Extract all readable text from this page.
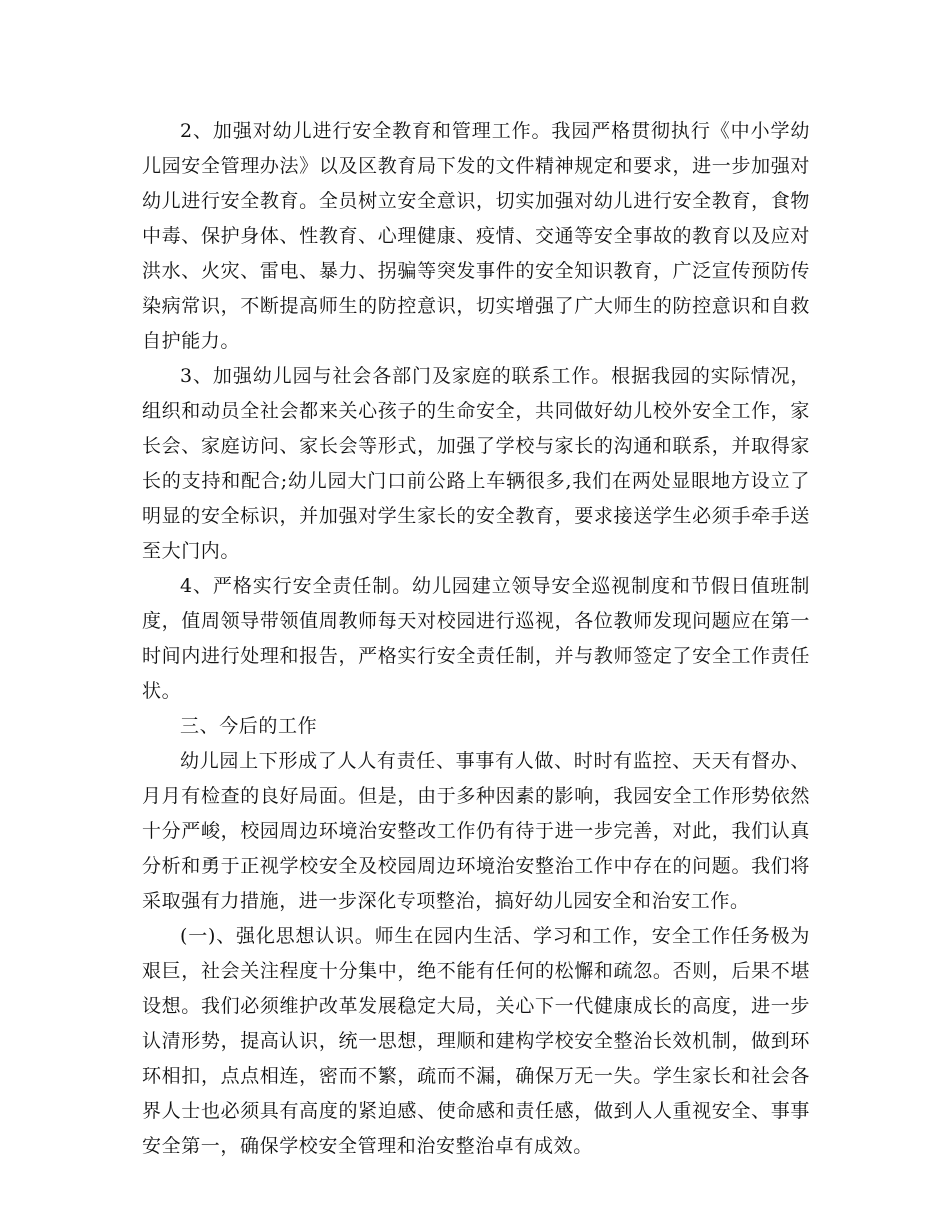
2、加强对幼儿进行安全教育和管理工作。我园严格贯彻执行《中小学幼儿园安全管理办法》以及区教育局下发的文件精神规定和要求，进一步加强对幼儿进行安全教育。全员树立安全意识，切实加强对幼儿进行安全教育，食物中毒、保护身体、性教育、心理健康、疫情、交通等安全事故的教育以及应对洪水、火灾、雷电、暴力、拐骗等突发事件的安全知识教育，广泛宣传预防传染病常识，不断提高师生的防控意识，切实增强了广大师生的防控意识和自救自护能力。

3、加强幼儿园与社会各部门及家庭的联系工作。根据我园的实际情况，组织和动员全社会都来关心孩子的生命安全，共同做好幼儿校外安全工作，家长会、家庭访问、家长会等形式，加强了学校与家长的沟通和联系，并取得家长的支持和配合;幼儿园大门口前公路上车辆很多,我们在两处显眼地方设立了明显的安全标识，并加强对学生家长的安全教育，要求接送学生必须手牵手送至大门内。

4、严格实行安全责任制。幼儿园建立领导安全巡视制度和节假日值班制度，值周领导带领值周教师每天对校园进行巡视，各位教师发现问题应在第一时间内进行处理和报告，严格实行安全责任制，并与教师签定了安全工作责任状。

三、今后的工作

幼儿园上下形成了人人有责任、事事有人做、时时有监控、天天有督办、月月有检查的良好局面。但是，由于多种因素的影响，我园安全工作形势依然十分严峻，校园周边环境治安整改工作仍有待于进一步完善，对此，我们认真分析和勇于正视学校安全及校园周边环境治安整治工作中存在的问题。我们将采取强有力措施，进一步深化专项整治，搞好幼儿园安全和治安工作。

(一)、强化思想认识。师生在园内生活、学习和工作，安全工作任务极为艰巨，社会关注程度十分集中，绝不能有任何的松懈和疏忽。否则，后果不堪设想。我们必须维护改革发展稳定大局，关心下一代健康成长的高度，进一步认清形势，提高认识，统一思想，理顺和建构学校安全整治长效机制，做到环环相扣，点点相连，密而不繁，疏而不漏，确保万无一失。学生家长和社会各界人士也必须具有高度的紧迫感、使命感和责任感，做到人人重视安全、事事安全第一，确保学校安全管理和治安整治卓有成效。
